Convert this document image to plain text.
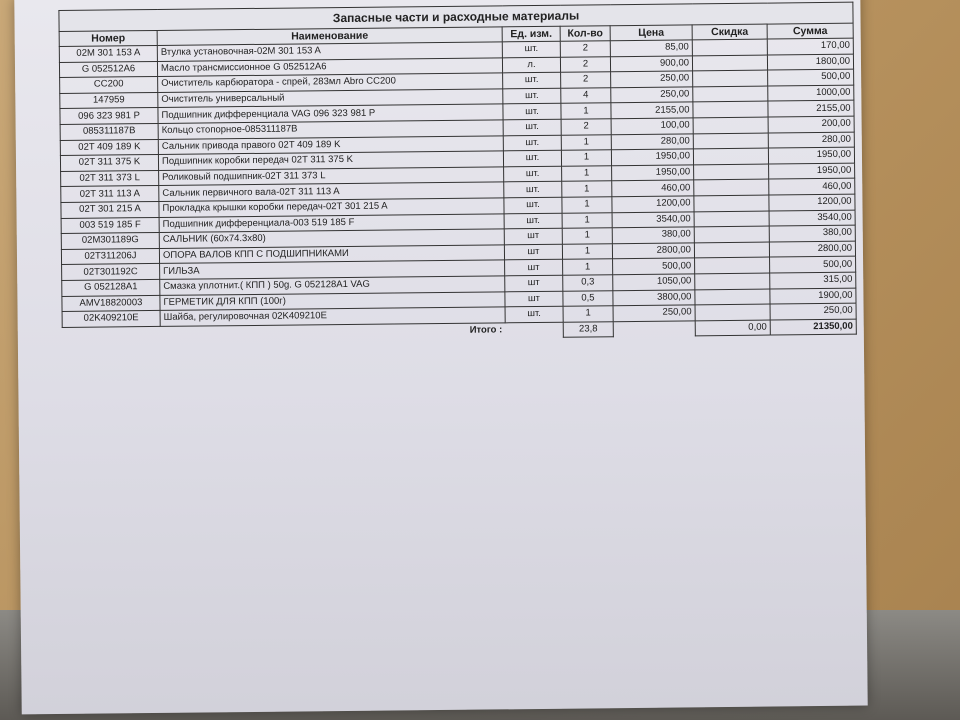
Запасные части и расходные материалы						
Номер	Наименование	Ед. изм.	Кол-во	Цена	Скидка	Сумма
02M 301 153 A	Втулка установочная-02M 301 153 A	шт.	2	85,00		170,00
G 052512A6	Масло трансмиссионное G 052512A6	л.	2	900,00		1800,00
CC200	Очиститель карбюратора - спрей, 283мл Abro CC200	шт.	2	250,00		500,00
147959	Очиститель универсальный	шт.	4	250,00		1000,00
096 323 981 P	Подшипник дифференциала VAG 096 323 981 P	шт.	1	2155,00		2155,00
085311187B	Кольцо стопорное-085311187B	шт.	2	100,00		200,00
02T 409 189 K	Сальник привода правого 02T 409 189 K	шт.	1	280,00		280,00
02T 311 375 K	Подшипник коробки передач 02T 311 375 K	шт.	1	1950,00		1950,00
02T 311 373 L	Роликовый подшипник-02T 311 373 L	шт.	1	1950,00		1950,00
02T 311 113 A	Сальник первичного вала-02T 311 113 A	шт.	1	460,00		460,00
02T 301 215 A	Прокладка крышки коробки передач-02T 301 215 A	шт.	1	1200,00		1200,00
003 519 185 F	Подшипник дифференциала-003 519 185 F	шт.	1	3540,00		3540,00
02M301189G	САЛЬНИК (60x74.3x80)	шт	1	380,00		380,00
02T311206J	ОПОРА ВАЛОВ КПП С ПОДШИПНИКАМИ	шт	1	2800,00		2800,00
02T301192C	ГИЛЬЗА	шт	1	500,00		500,00
G 052128A1	Смазка уплотнит.( КПП ) 50g. G 052128A1 VAG	шт	0,3	1050,00		315,00
AMV18820003	ГЕРМЕТИК ДЛЯ КПП (100г)	шт	0,5	3800,00		1900,00
02K409210E	Шайба, регулировочная 02K409210E	шт.	1	250,00		250,00
	Итого :		23,8		0,00	21350,00
